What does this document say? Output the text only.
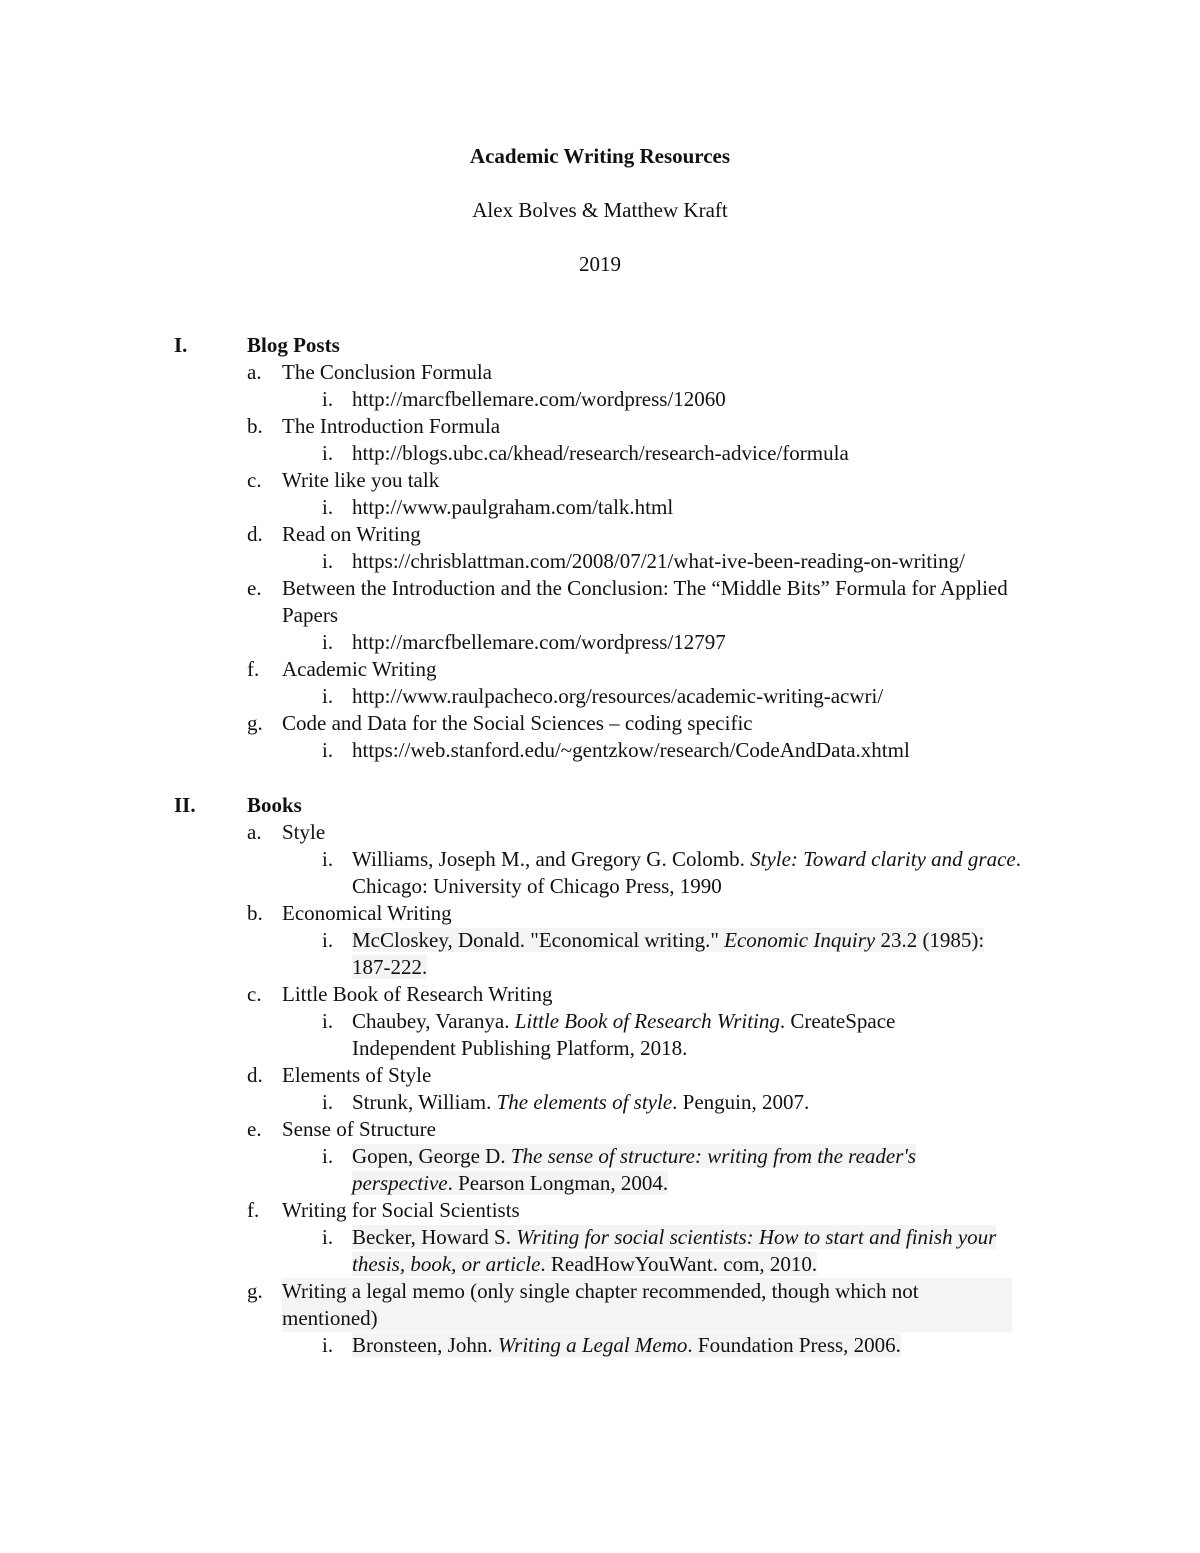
Academic Writing Resources
Alex Bolves & Matthew Kraft
2019
I.	Blog Posts
a. The Conclusion Formula
i. http://marcfbellemare.com/wordpress/12060
b. The Introduction Formula
i. http://blogs.ubc.ca/khead/research/research-advice/formula
c. Write like you talk
i. http://www.paulgraham.com/talk.html
d. Read on Writing
i. https://chrisblattman.com/2008/07/21/what-ive-been-reading-on-writing/
e. Between the Introduction and the Conclusion: The “Middle Bits” Formula for Applied Papers
i. http://marcfbellemare.com/wordpress/12797
f.	Academic Writing
i. http://www.raulpacheco.org/resources/academic-writing-acwri/
g. Code and Data for the Social Sciences – coding specific
i. https://web.stanford.edu/~gentzkow/research/CodeAndData.xhtml
II. Books
a. Style
i. Williams, Joseph M., and Gregory G. Colomb. Style: Toward clarity and grace. Chicago: University of Chicago Press, 1990
b. Economical Writing
i. McCloskey, Donald. "Economical writing." Economic Inquiry 23.2 (1985): 187-222.
c. Little Book of Research Writing
i. Chaubey, Varanya. Little Book of Research Writing. CreateSpace Independent Publishing Platform, 2018.
d. Elements of Style
i. Strunk, William. The elements of style. Penguin, 2007.
e. Sense of Structure
i. Gopen, George D. The sense of structure: writing from the reader's perspective. Pearson Longman, 2004.
f.	Writing for Social Scientists
i. Becker, Howard S. Writing for social scientists: How to start and finish your thesis, book, or article. ReadHowYouWant. com, 2010.
g. Writing a legal memo (only single chapter recommended, though which not mentioned)
i. Bronsteen, John. Writing a Legal Memo. Foundation Press, 2006.
